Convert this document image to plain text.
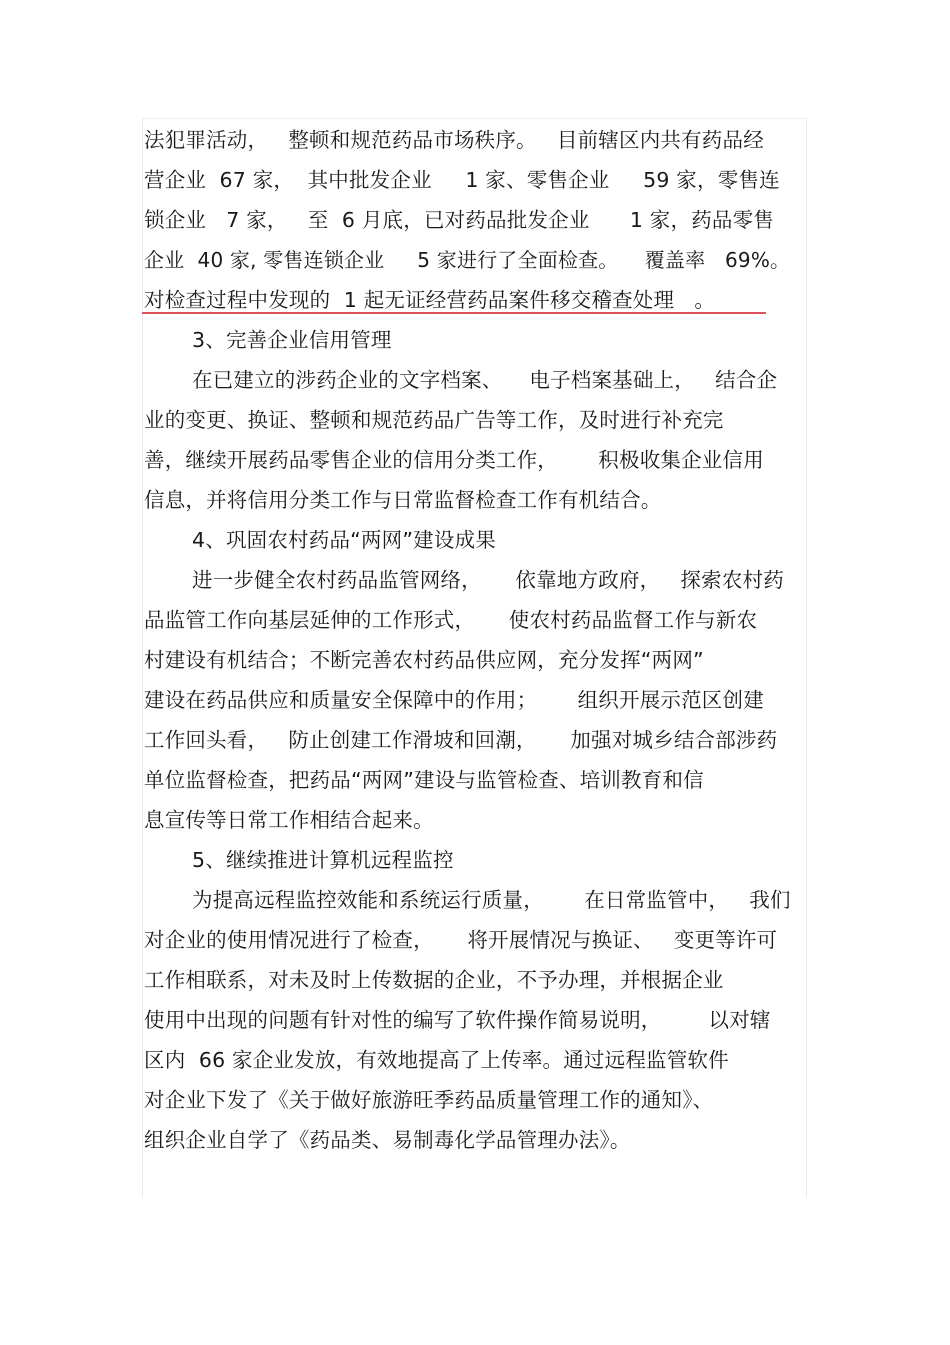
法犯罪活动，   整顿和规范药品市场秩序。   目前辖区内共有药品经
营企业  67 家，  其中批发企业     1 家、零售企业     59 家，零售连
锁企业   7 家，   至  6 月底，已对药品批发企业      1 家，药品零售
企业  40 家, 零售连锁企业     5 家进行了全面检查。    覆盖率   69%。
对检查过程中发现的  1 起无证经营药品案件移交稽查处理   。
3、完善企业信用管理
在已建立的涉药企业的文字档案、    电子档案基础上，   结合企
业的变更、换证、整顿和规范药品广告等工作，及时进行补充完
善，继续开展药品零售企业的信用分类工作，      积极收集企业信用
信息，并将信用分类工作与日常监督检查工作有机结合。
4、巩固农村药品“两网”建设成果
进一步健全农村药品监管网络，     依靠地方政府，   探索农村药
品监管工作向基层延伸的工作形式，     使农村药品监督工作与新农
村建设有机结合；不断完善农村药品供应网，充分发挥“两网”
建设在药品供应和质量安全保障中的作用；      组织开展示范区创建
工作回头看，   防止创建工作滑坡和回潮，     加强对城乡结合部涉药
单位监督检查，把药品“两网”建设与监管检查、培训教育和信
息宣传等日常工作相结合起来。
5、继续推进计算机远程监控
为提高远程监控效能和系统运行质量，      在日常监管中，   我们
对企业的使用情况进行了检查，     将开展情况与换证、   变更等许可
工作相联系，对未及时上传数据的企业，不予办理，并根据企业
使用中出现的问题有针对性的编写了软件操作简易说明，       以对辖
区内  66 家企业发放，有效地提高了上传率。通过远程监管软件
对企业下发了《关于做好旅游旺季药品质量管理工作的通知》、
组织企业自学了《药品类、易制毒化学品管理办法》。
